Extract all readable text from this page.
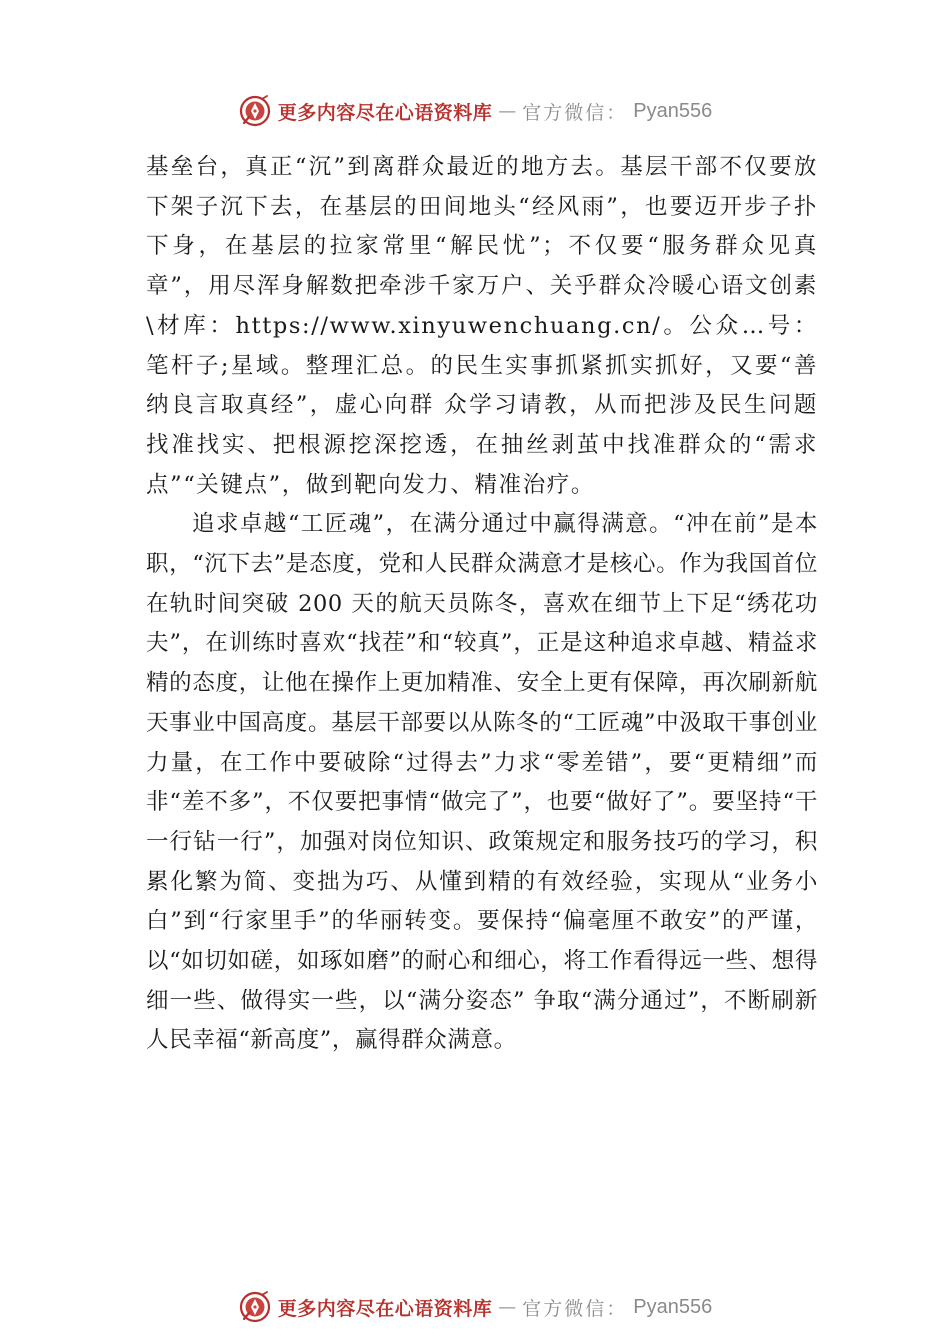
更多内容尽在心语资料库 — 官方微信： Pyan556

基垒台，真正“沉”到离群众最近的地方去。基层干部不仅要放下架子沉下去，在基层的田间地头“经风雨”，也要迈开步子扑下身，在基层的拉家常里“解民忧”；不仅要“服务群众见真章”，用尽浑身解数把牵涉千家万户、关乎群众冷暖心语文创素\材库：https://www.xinyuwenchuang.cn/。公众…号：笔杆子;星域。整理汇总。的民生实事抓紧抓实抓好，又要“善纳良言取真经”，虚心向群 众学习请教，从而把涉及民生问题找准找实、把根源挖深挖透，在抽丝剥茧中找准群众的“需求点”“关键点”，做到靶向发力、精准治疗。

追求卓越“工匠魂”，在满分通过中赢得满意。“冲在前”是本职，“沉下去”是态度，党和人民群众满意才是核心。作为我国首位在轨时间突破 200 天的航天员陈冬，喜欢在细节上下足“绣花功夫”，在训练时喜欢“找茬”和“较真”，正是这种追求卓越、精益求精的态度，让他在操作上更加精准、安全上更有保障，再次刷新航天事业中国高度。基层干部要以从陈冬的“工匠魂”中汲取干事创业力量，在工作中要破除“过得去”力求“零差错”，要“更精细”而非“差不多”，不仅要把事情“做完了”，也要“做好了”。要坚持“干一行钻一行”，加强对岗位知识、政策规定和服务技巧的学习，积累化繁为简、变拙为巧、从懂到精的有效经验，实现从“业务小白”到“行家里手”的华丽转变。要保持“偏毫厘不敢安”的严谨，以“如切如磋，如琢如磨”的耐心和细心，将工作看得远一些、想得细一些、做得实一些，以“满分姿态” 争取“满分通过”，不断刷新人民幸福“新高度”，赢得群众满意。

更多内容尽在心语资料库 — 官方微信： Pyan556
